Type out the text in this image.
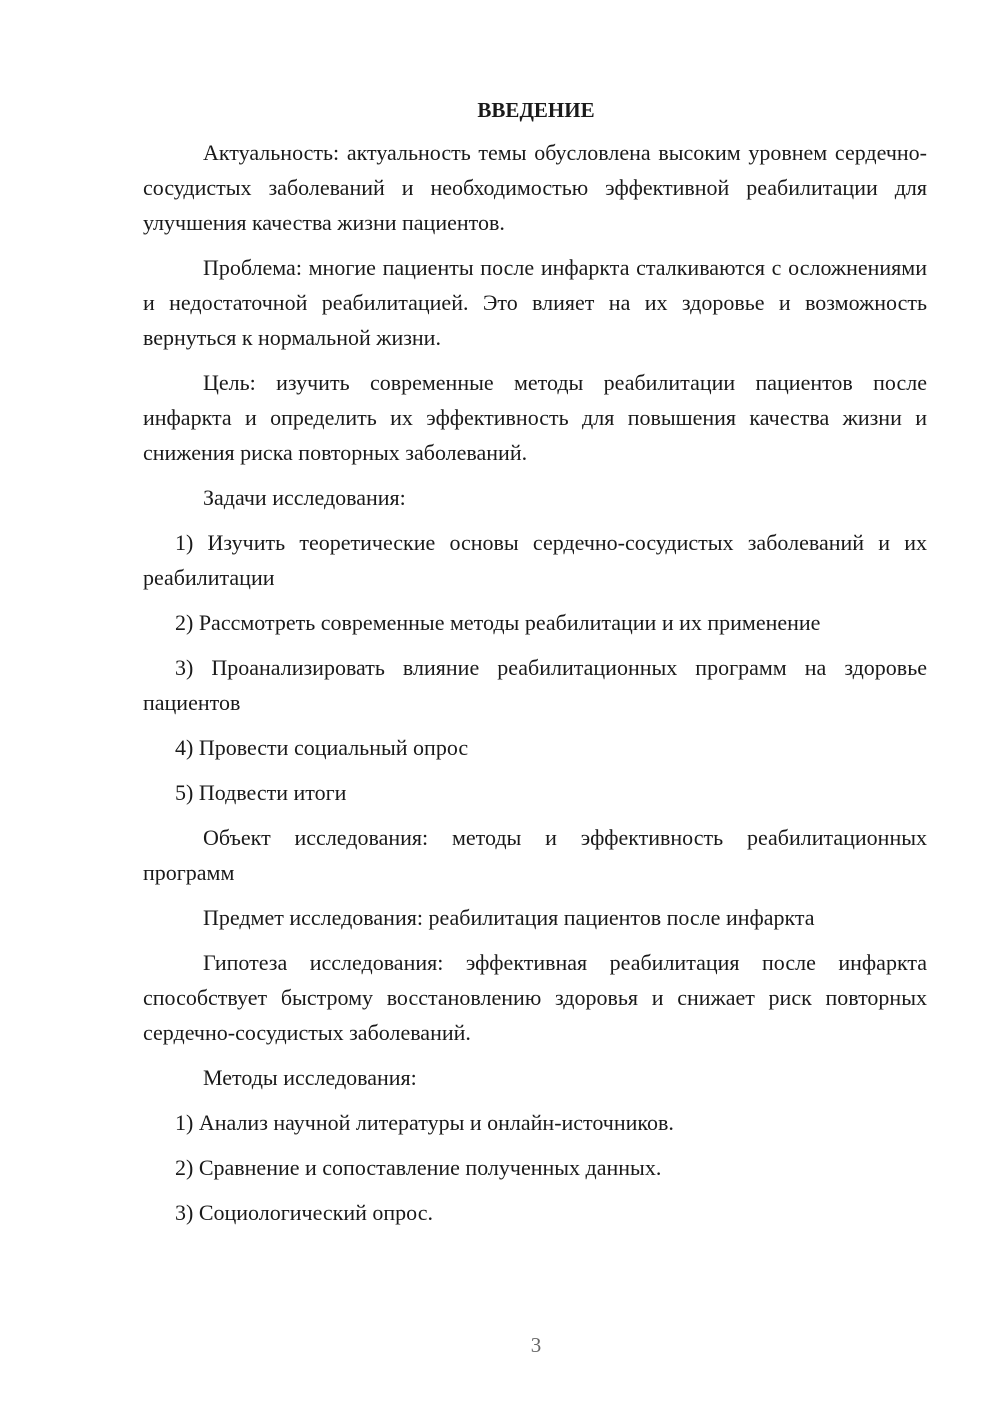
ВВЕДЕНИЕ

Актуальность: актуальность темы обусловлена высоким уровнем сердечно-сосудистых заболеваний и необходимостью эффективной реабилитации для улучшения качества жизни пациентов.

Проблема: многие пациенты после инфаркта сталкиваются с осложнениями и недостаточной реабилитацией. Это влияет на их здоровье и возможность вернуться к нормальной жизни.

Цель: изучить современные методы реабилитации пациентов после инфаркта и определить их эффективность для повышения качества жизни и снижения риска повторных заболеваний.

Задачи исследования:

1) Изучить теоретические основы сердечно-сосудистых заболеваний и их реабилитации

2) Рассмотреть современные методы реабилитации и их применение

3) Проанализировать влияние реабилитационных программ на здоровье пациентов

4) Провести социальный опрос

5) Подвести итоги

Объект исследования: методы и эффективность реабилитационных программ

Предмет исследования: реабилитация пациентов после инфаркта

Гипотеза исследования: эффективная реабилитация после инфаркта способствует быстрому восстановлению здоровья и снижает риск повторных сердечно-сосудистых заболеваний.

Методы исследования:

1) Анализ научной литературы и онлайн-источников.

2) Сравнение и сопоставление полученных данных.

3) Социологический опрос.

3
